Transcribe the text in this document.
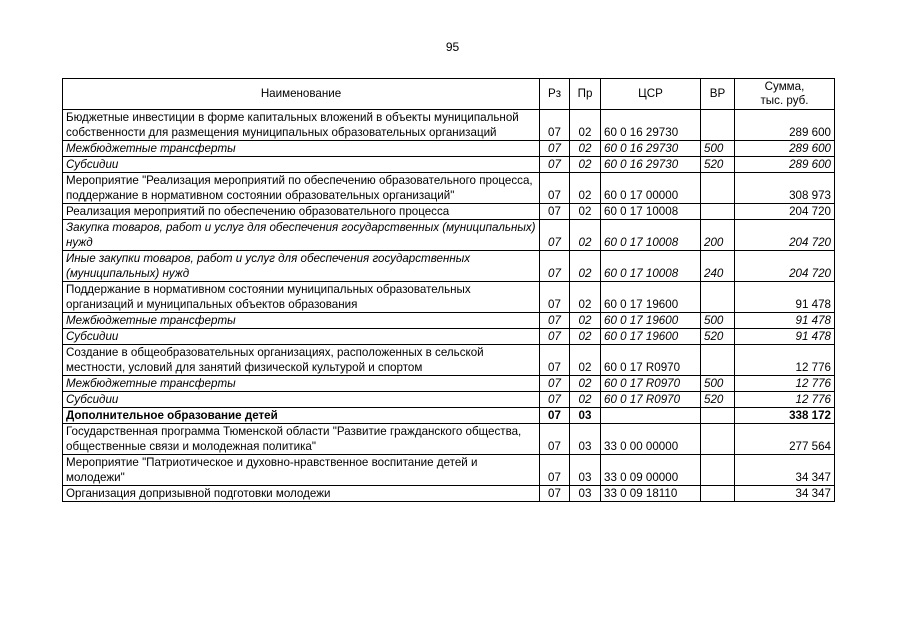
95
Наименование	Рз	Пр	ЦСР	ВР	Сумма,
тыс. руб.
Бюджетные инвестиции в форме капитальных вложений в объекты муниципальной собственности для размещения муниципальных образовательных организаций	07	02	60 0 16 29730		289 600
Межбюджетные трансферты	07	02	60 0 16 29730	500	289 600
Субсидии	07	02	60 0 16 29730	520	289 600
Мероприятие "Реализация мероприятий по обеспечению образовательного процесса, поддержание в нормативном состоянии образовательных организаций"	07	02	60 0 17 00000		308 973
Реализация мероприятий по обеспечению образовательного процесса	07	02	60 0 17 10008		204 720
Закупка товаров, работ и услуг для обеспечения государственных (муниципальных) нужд	07	02	60 0 17 10008	200	204 720
Иные закупки товаров, работ и услуг для обеспечения государственных (муниципальных) нужд	07	02	60 0 17 10008	240	204 720
Поддержание в нормативном состоянии муниципальных образовательных организаций и муниципальных объектов образования	07	02	60 0 17 19600		91 478
Межбюджетные трансферты	07	02	60 0 17 19600	500	91 478
Субсидии	07	02	60 0 17 19600	520	91 478
Создание в общеобразовательных организациях, расположенных в сельской местности, условий для занятий физической культурой и спортом	07	02	60 0 17 R0970		12 776
Межбюджетные трансферты	07	02	60 0 17 R0970	500	12 776
Субсидии	07	02	60 0 17 R0970	520	12 776
Дополнительное образование детей	07	03			338 172
Государственная программа Тюменской области "Развитие гражданского общества, общественные связи и молодежная политика"	07	03	33 0 00 00000		277 564
Мероприятие "Патриотическое и духовно-нравственное воспитание детей и молодежи"	07	03	33 0 09 00000		34 347
Организация допризывной подготовки молодежи	07	03	33 0 09 18110		34 347
